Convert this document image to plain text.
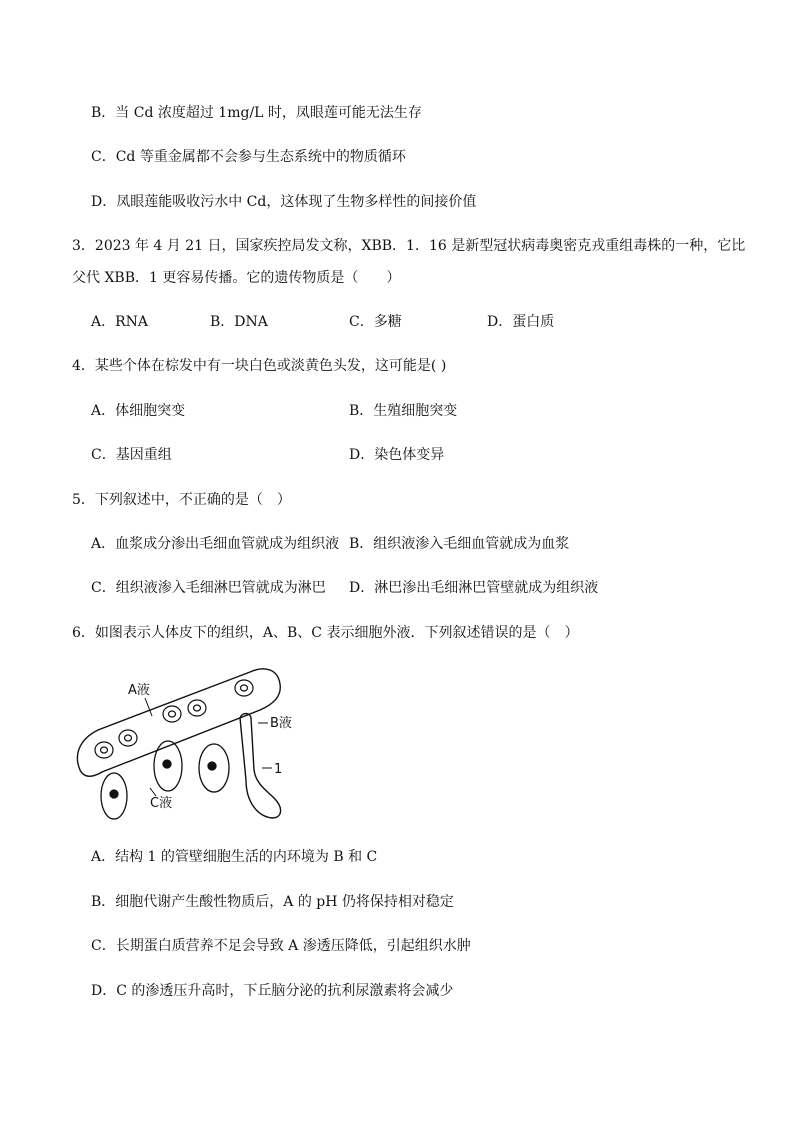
B．当 Cd 浓度超过 1mg/L 时，凤眼莲可能无法生存
C．Cd 等重金属都不会参与生态系统中的物质循环
D．凤眼莲能吸收污水中 Cd，这体现了生物多样性的间接价值
3．2023 年 4 月 21 日，国家疾控局发文称，XBB．1．16 是新型冠状病毒奥密克戎重组毒株的一种，它比
父代 XBB．1 更容易传播。它的遗传物质是（　　）
A．RNA	B．DNA	C．多糖	D．蛋白质
4．某些个体在棕发中有一块白色或淡黄色头发，这可能是( )
A．体细胞突变	B．生殖细胞突变
C．基因重组	D．染色体变异
5．下列叙述中，不正确的是（　）
A．血浆成分渗出毛细血管就成为组织液 B．组织液渗入毛细血管就成为血浆
C．组织液渗入毛细淋巴管就成为淋巴 D．淋巴渗出毛细淋巴管壁就成为组织液
6．如图表示人体皮下的组织，A、B、C 表示细胞外液．下列叙述错误的是（　）
A液
B液
1
C液
A．结构 1 的管壁细胞生活的内环境为 B 和 C
B．细胞代谢产生酸性物质后，A 的 pH 仍将保持相对稳定
C．长期蛋白质营养不足会导致 A 渗透压降低，引起组织水肿
D．C 的渗透压升高时，下丘脑分泌的抗利尿激素将会减少
